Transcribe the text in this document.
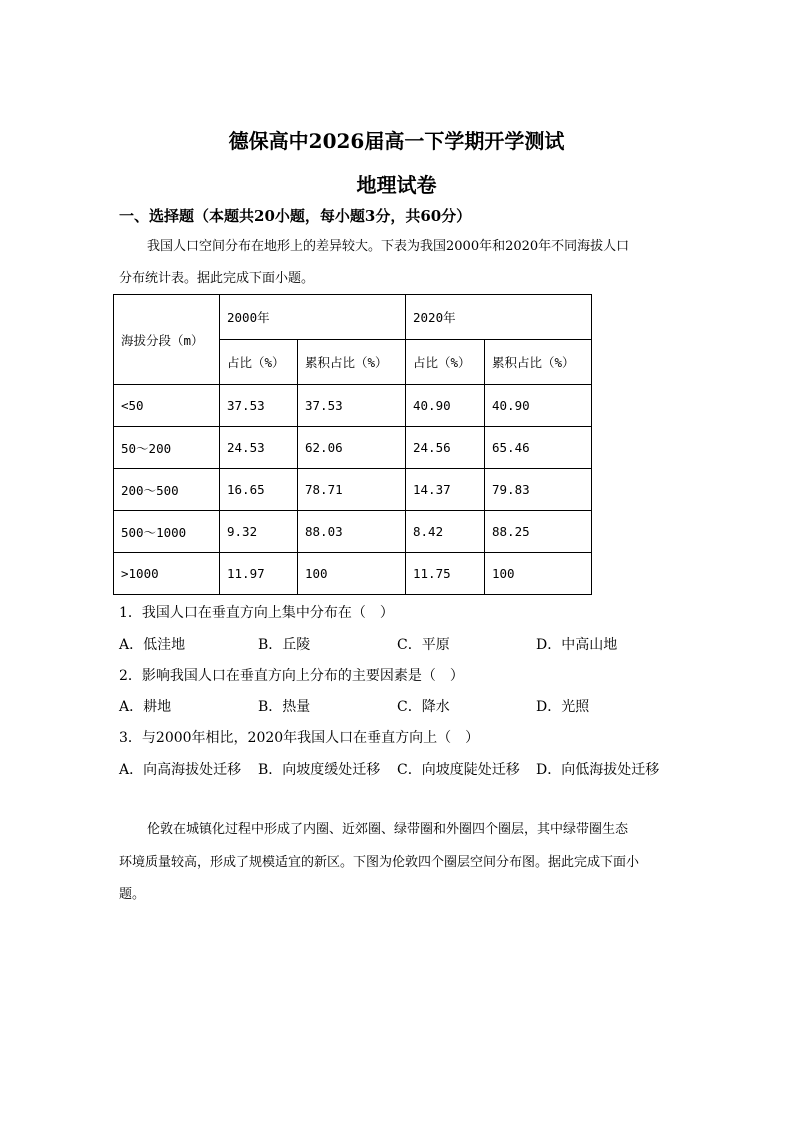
德保高中2026届高一下学期开学测试
地理试卷
一、选择题（本题共20小题，每小题3分，共60分）
我国人口空间分布在地形上的差异较大。下表为我国2000年和2020年不同海拔人口
分布统计表。据此完成下面小题。
海拔分段（m）	2000年		2020年	
	占比（%）	累积占比（%）	占比（%）	累积占比（%）
<50	37.53	37.53	40.90	40.90
50～200	24.53	62.06	24.56	65.46
200～500	16.65	78.71	14.37	79.83
500～1000	9.32	88.03	8.42	88.25
>1000	11.97	100	11.75	100
1．我国人口在垂直方向上集中分布在（　）
A．低洼地	B．丘陵	C．平原	D．中高山地
2．影响我国人口在垂直方向上分布的主要因素是（　）
A．耕地	B．热量	C．降水	D．光照
3．与2000年相比，2020年我国人口在垂直方向上（　）
A．向高海拔处迁移 B．向坡度缓处迁移 C．向坡度陡处迁移 D．向低海拔处迁移
伦敦在城镇化过程中形成了内圈、近郊圈、绿带圈和外圈四个圈层，其中绿带圈生态
环境质量较高，形成了规模适宜的新区。下图为伦敦四个圈层空间分布图。据此完成下面小
题。
